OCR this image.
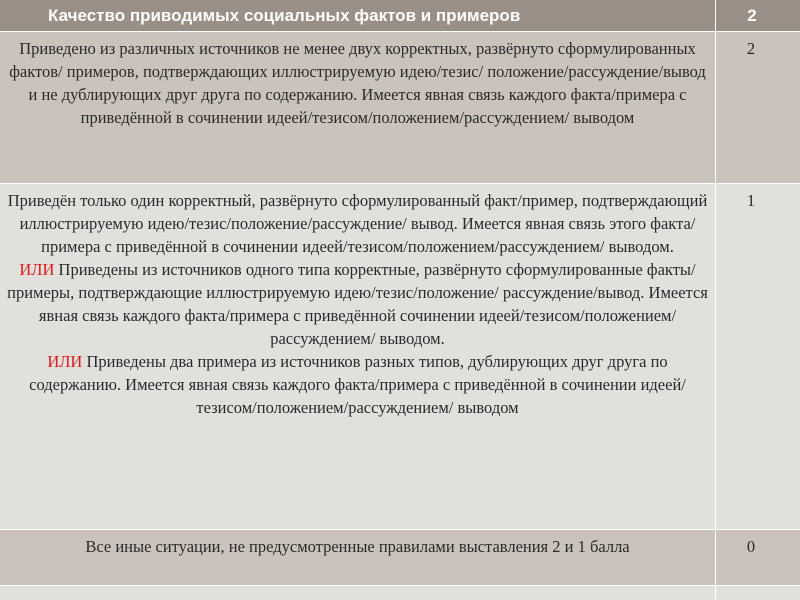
Качество приводимых социальных фактов и примеров	2

Приведено из различных источников не менее двух корректных, развёрнуто сформулированных фактов/ примеров, подтверждающих иллюстрируемую идею/тезис/ положение/рассуждение/вывод и не дублирующих друг друга по содержанию. Имеется явная связь каждого факта/примера с приведённой в сочинении идеей/тезисом/положением/рассуждением/ выводом

2

Приведён только один корректный, развёрнуто сформулированный факт/пример, подтверждающий иллюстрируемую идею/тезис/положение/рассуждение/ вывод. Имеется явная связь этого факта/примера с приведённой в сочинении идеей/тезисом/положением/рассуждением/ выводом.
ИЛИ Приведены из источников одного типа корректные, развёрнуто сформулированные факты/примеры, подтверждающие иллюстрируемую идею/тезис/положение/ рассуждение/вывод. Имеется явная связь каждого факта/примера с приведённой сочинении идеей/тезисом/положением/рассуждением/ выводом.
ИЛИ Приведены два примера из источников разных типов, дублирующих друг друга по содержанию. Имеется явная связь каждого факта/примера с приведённой в сочинении идеей/тезисом/положением/рассуждением/ выводом

1

Все иные ситуации, не предусмотренные правилами выставления 2 и 1 балла	0
